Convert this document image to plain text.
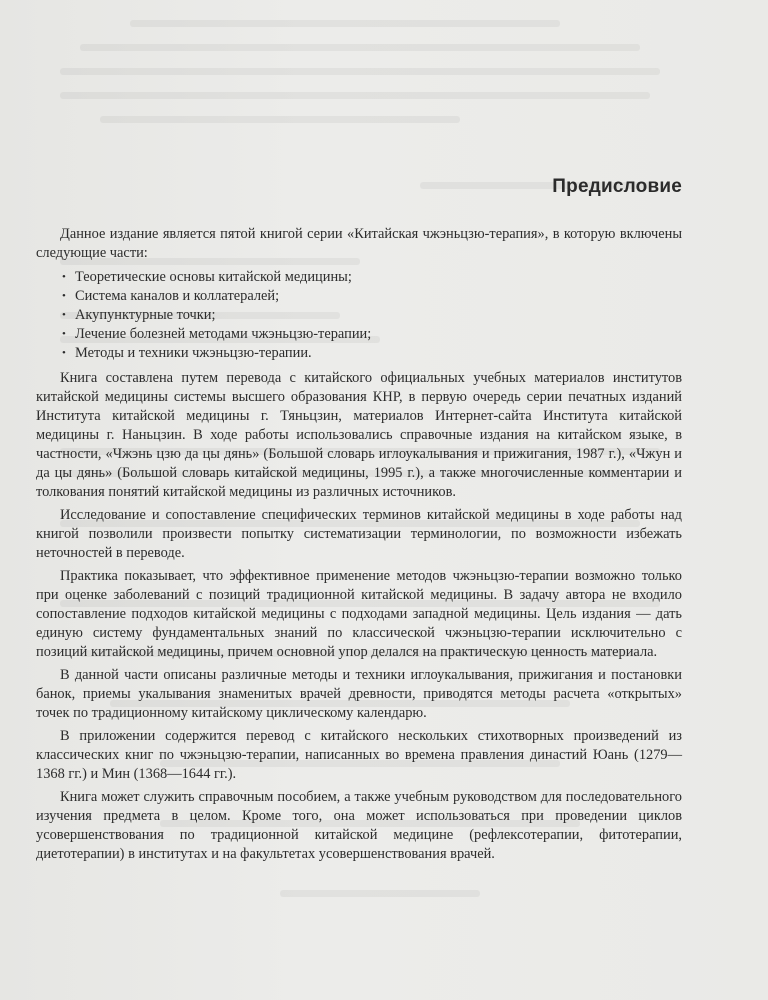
Предисловие

Данное издание является пятой книгой серии «Китайская чжэньцзю-терапия», в которую включены следующие части:

• Теоретические основы китайской медицины;
• Система каналов и коллатералей;
• Акупунктурные точки;
• Лечение болезней методами чжэньцзю-терапии;
• Методы и техники чжэньцзю-терапии.

Книга составлена путем перевода с китайского официальных учебных материалов институтов китайской медицины системы высшего образования КНР, в первую очередь серии печатных изданий Института китайской медицины г. Тяньцзин, материалов Интернет-сайта Института китайской медицины г. Наньцзин. В ходе работы использовались справочные издания на китайском языке, в частности, «Чжэнь цзю да цы дянь» (Большой словарь иглоукалывания и прижигания, 1987 г.), «Чжун и да цы дянь» (Большой словарь китайской медицины, 1995 г.), а также многочисленные комментарии и толкования понятий китайской медицины из различных источников.

Исследование и сопоставление специфических терминов китайской медицины в ходе работы над книгой позволили произвести попытку систематизации терминологии, по возможности избежать неточностей в переводе.

Практика показывает, что эффективное применение методов чжэньцзю-терапии возможно только при оценке заболеваний с позиций традиционной китайской медицины. В задачу автора не входило сопоставление подходов китайской медицины с подходами западной медицины. Цель издания — дать единую систему фундаментальных знаний по классической чжэньцзю-терапии исключительно с позиций китайской медицины, причем основной упор делался на практическую ценность материала.

В данной части описаны различные методы и техники иглоукалывания, прижигания и постановки банок, приемы укалывания знаменитых врачей древности, приводятся методы расчета «открытых» точек по традиционному китайскому циклическому календарю.

В приложении содержится перевод с китайского нескольких стихотворных произведений из классических книг по чжэньцзю-терапии, написанных во времена правления династий Юань (1279—1368 гг.) и Мин (1368—1644 гг.).

Книга может служить справочным пособием, а также учебным руководством для последовательного изучения предмета в целом. Кроме того, она может использоваться при проведении циклов усовершенствования по традиционной китайской медицине (рефлексотерапии, фитотерапии, диетотерапии) в институтах и на факультетах усовершенствования врачей.
